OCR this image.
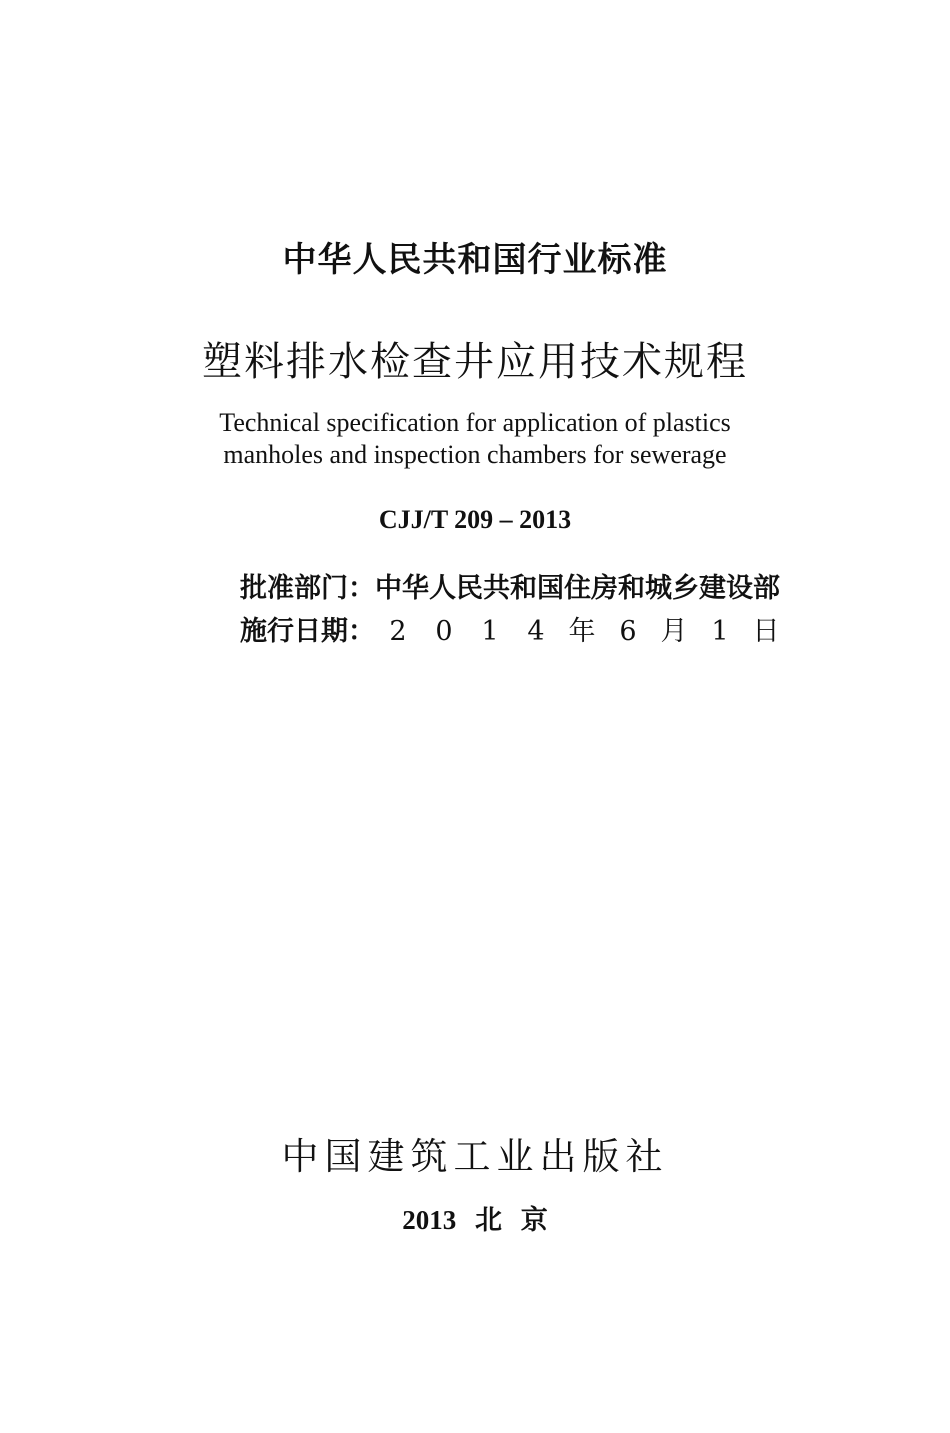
中华人民共和国行业标准
塑料排水检查井应用技术规程
Technical specification for application of plastics
manholes and inspection chambers for sewerage
CJJ/T 209 – 2013
批准部门：中华人民共和国住房和城乡建设部
施行日期： 2 0 1 4 年 6 月 1 日
中国建筑工业出版社
2013 北 京
